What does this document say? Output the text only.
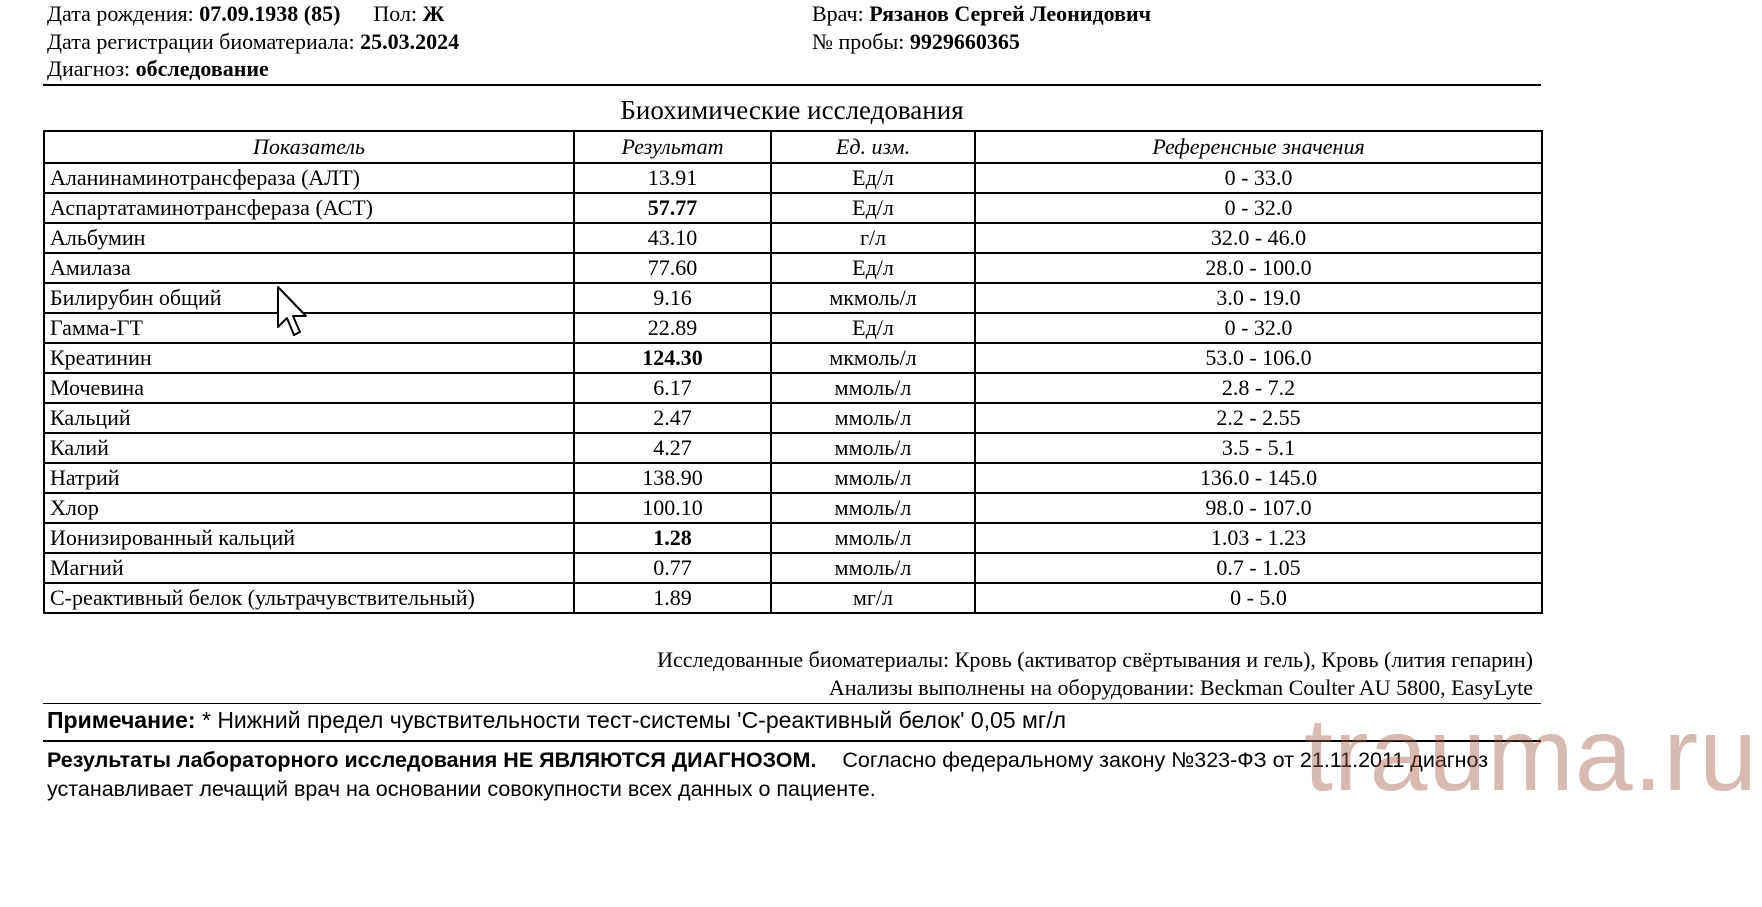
Дата рождения: 07.09.1938 (85) Пол: Ж
Дата регистрации биоматериала: 25.03.2024
Диагноз: обследование
Врач: Рязанов Сергей Леонидович
№ пробы: 9929660365
Биохимические исследования
Показатель	Результат	Ед. изм.	Референсные значения
Аланинаминотрансфераза (АЛТ)	13.91	Ед/л	0 - 33.0
Аспартатаминотрансфераза (АСТ)	57.77	Ед/л	0 - 32.0
Альбумин	43.10	г/л	32.0 - 46.0
Амилаза	77.60	Ед/л	28.0 - 100.0
Билирубин общий	9.16	мкмоль/л	3.0 - 19.0
Гамма-ГТ	22.89	Ед/л	0 - 32.0
Креатинин	124.30	мкмоль/л	53.0 - 106.0
Мочевина	6.17	ммоль/л	2.8 - 7.2
Кальций	2.47	ммоль/л	2.2 - 2.55
Калий	4.27	ммоль/л	3.5 - 5.1
Натрий	138.90	ммоль/л	136.0 - 145.0
Хлор	100.10	ммоль/л	98.0 - 107.0
Ионизированный кальций	1.28	ммоль/л	1.03 - 1.23
Магний	0.77	ммоль/л	0.7 - 1.05
С-реактивный белок (ультрачувствительный)	1.89	мг/л	0 - 5.0
Исследованные биоматериалы: Кровь (активатор свёртывания и гель), Кровь (лития гепарин)
Анализы выполнены на оборудовании: Beckman Coulter AU 5800, EasyLyte
Примечание: * Нижний предел чувствительности тест-системы 'С-реактивный белок' 0,05 мг/л
Результаты лабораторного исследования НЕ ЯВЛЯЮТСЯ ДИАГНОЗОМ. Согласно федеральному закону №323-ФЗ от 21.11.2011 диагноз устанавливает лечащий врач на основании совокупности всех данных о пациенте.	trauma.ru
